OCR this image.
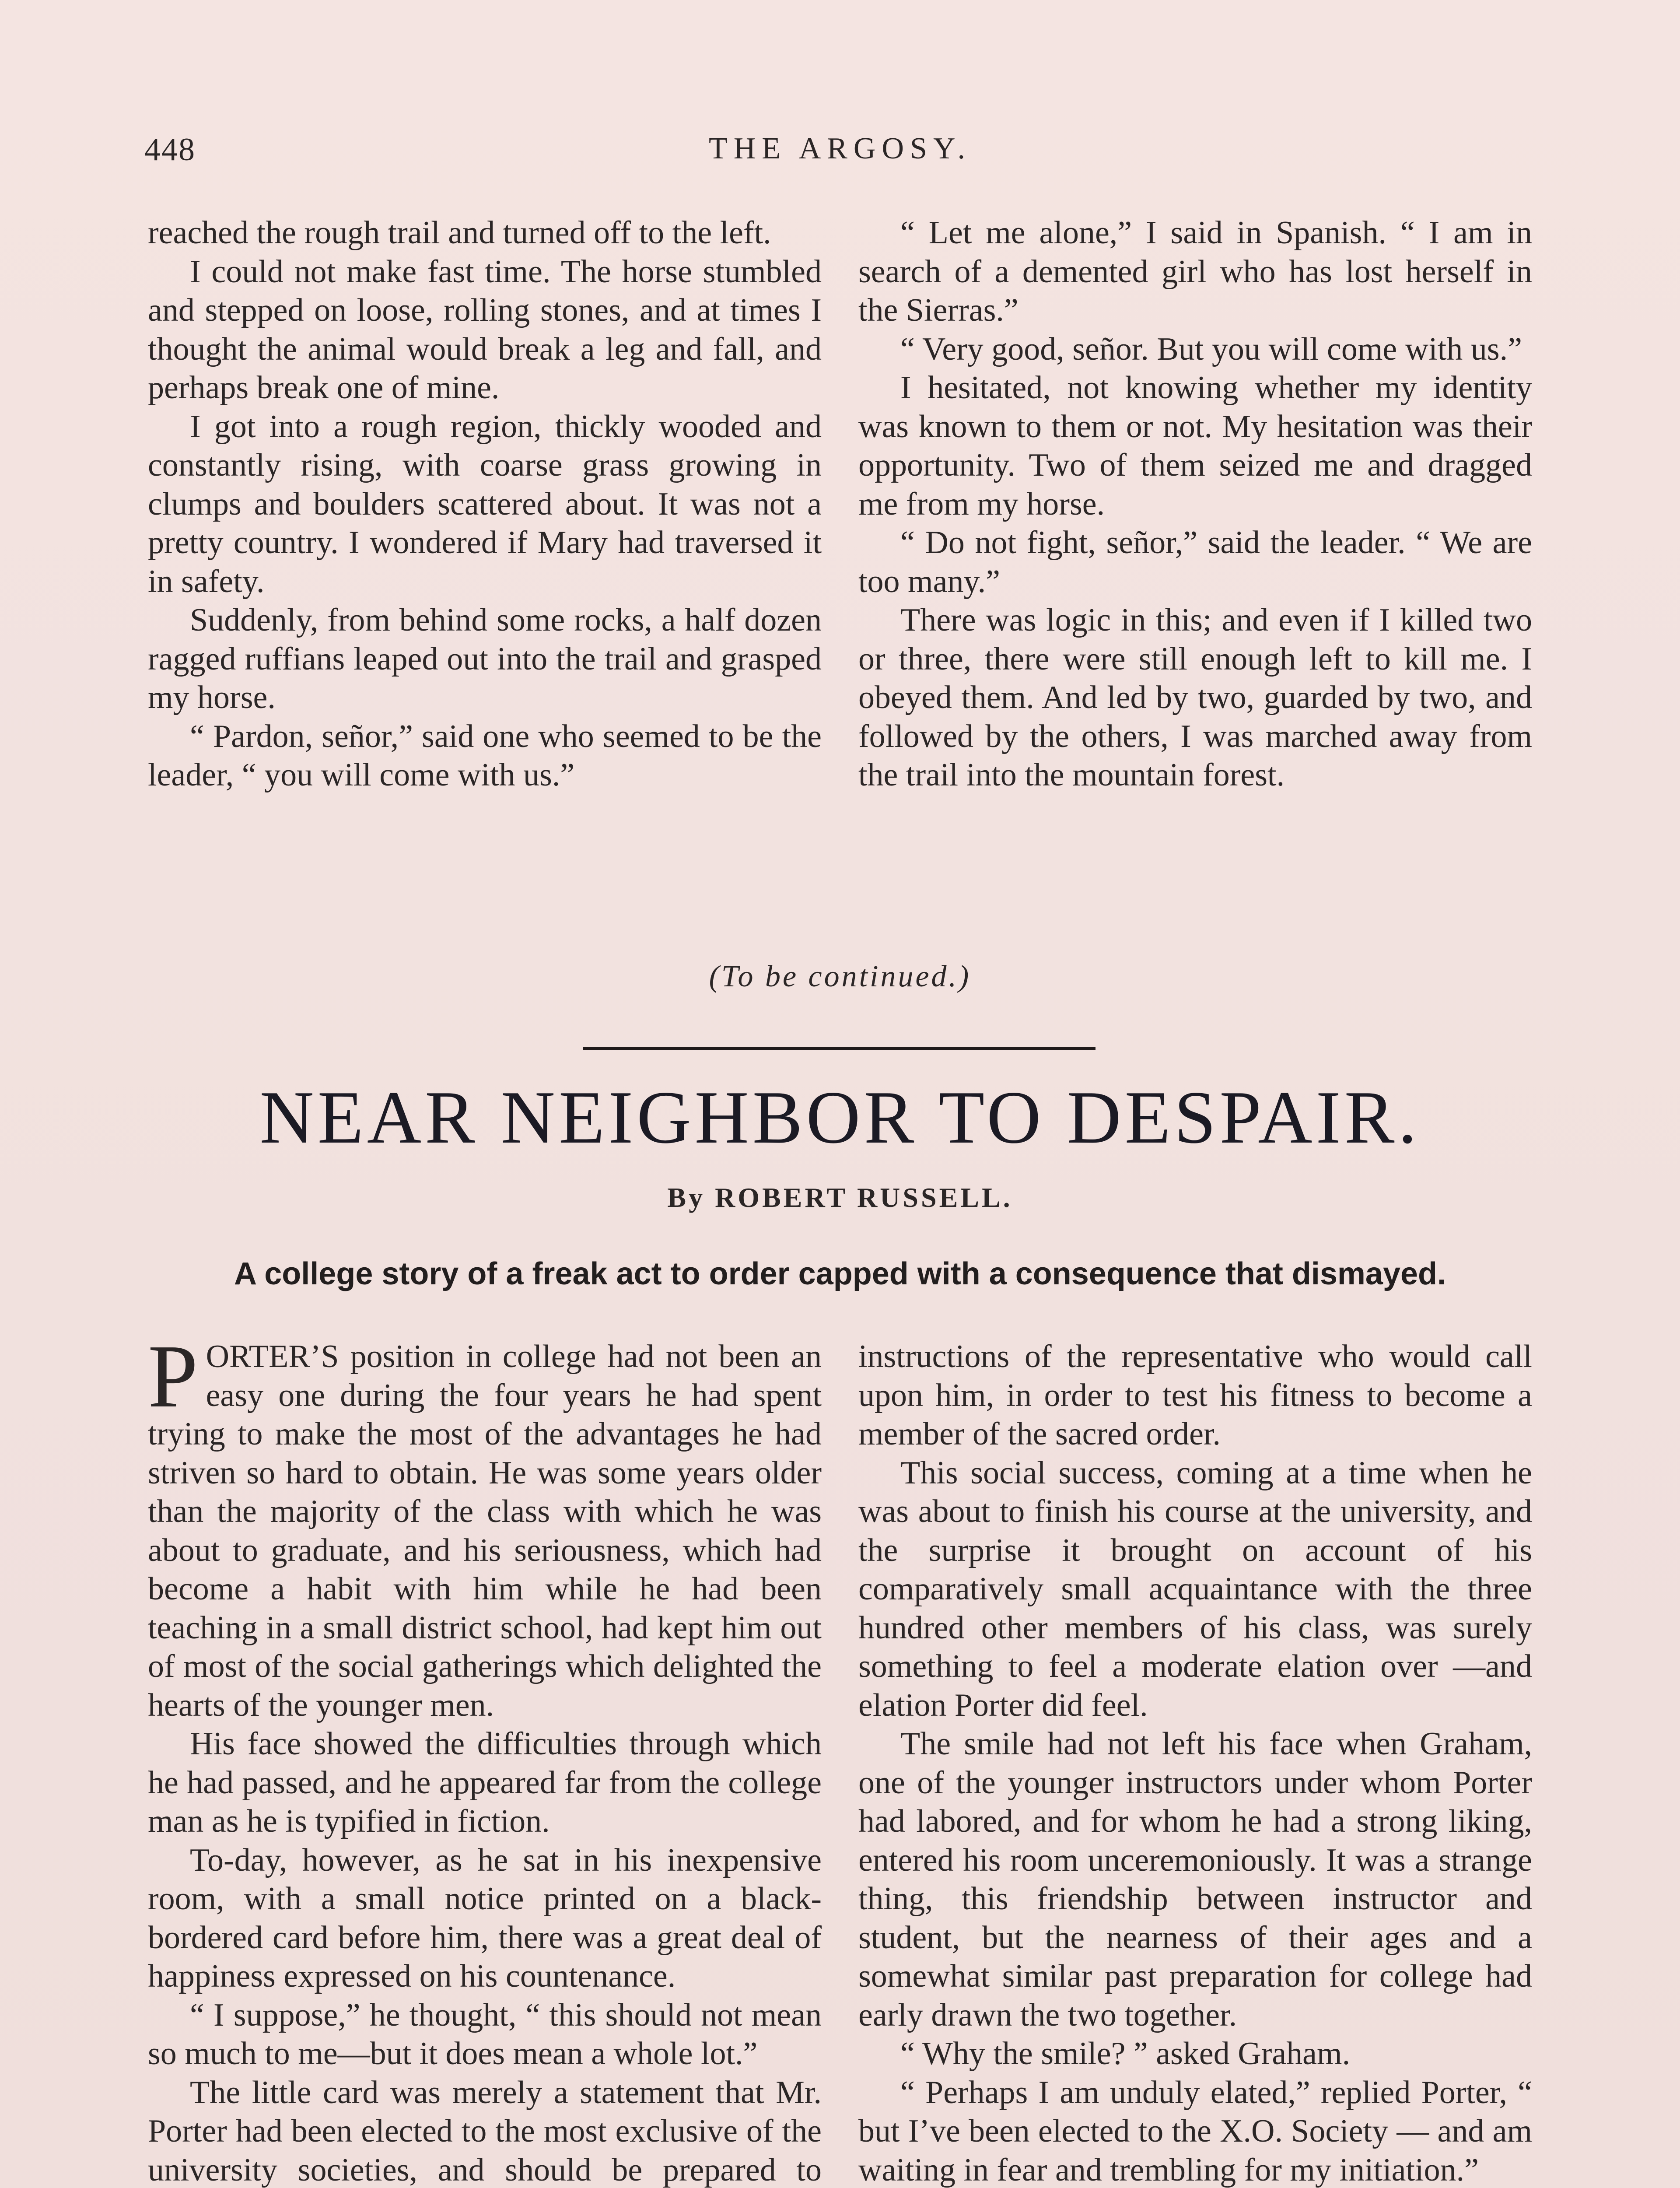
448	THE ARGOSY.

reached the rough trail and turned off to the left.

I could not make fast time. The horse stumbled and stepped on loose, rolling stones, and at times I thought the animal would break a leg and fall, and perhaps break one of mine.

I got into a rough region, thickly wooded and constantly rising, with coarse grass growing in clumps and boulders scattered about. It was not a pretty country. I wondered if Mary had traversed it in safety.

Suddenly, from behind some rocks, a half dozen ragged ruffians leaped out into the trail and grasped my horse.

“ Pardon, señor,” said one who seemed to be the leader, “ you will come with us.”

“ Let me alone,” I said in Spanish. “ I am in search of a demented girl who has lost herself in the Sierras.”

“ Very good, señor. But you will come with us.”

I hesitated, not knowing whether my identity was known to them or not. My hesitation was their opportunity. Two of them seized me and dragged me from my horse.

“ Do not fight, señor,” said the leader. “ We are too many.”

There was logic in this; and even if I killed two or three, there were still enough left to kill me. I obeyed them. And led by two, guarded by two, and followed by the others, I was marched away from the trail into the mountain forest.

(To be continued.)
NEAR NEIGHBOR TO DESPAIR.
By ROBERT RUSSELL.
A college story of a freak act to order capped with a consequence that dismayed.

PORTER’S position in college had not been an easy one during the four years he had spent trying to make the most of the advantages he had striven so hard to obtain. He was some years older than the majority of the class with which he was about to graduate, and his seriousness, which had become a habit with him while he had been teaching in a small district school, had kept him out of most of the social gatherings which delighted the hearts of the younger men.

His face showed the difficulties through which he had passed, and he appeared far from the college man as he is typified in fiction.

To-day, however, as he sat in his inexpensive room, with a small notice printed on a black-bordered card before him, there was a great deal of happiness expressed on his countenance.

“ I suppose,” he thought, “ this should not mean so much to me—but it does mean a whole lot.”

The little card was merely a statement that Mr. Porter had been elected to the most exclusive of the university societies, and should be prepared to

instructions of the representative who would call upon him, in order to test his fitness to become a member of the sacred order.

This social success, coming at a time when he was about to finish his course at the university, and the surprise it brought on account of his comparatively small acquaintance with the three hundred other members of his class, was surely something to feel a moderate elation over —and elation Porter did feel.

The smile had not left his face when Graham, one of the younger instructors under whom Porter had labored, and for whom he had a strong liking, entered his room unceremoniously. It was a strange thing, this friendship between instructor and student, but the nearness of their ages and a somewhat similar past preparation for college had early drawn the two together.

“ Why the smile? ” asked Graham.

“ Perhaps I am unduly elated,” replied Porter, “ but I’ve been elected to the X.O. Society — and am waiting in fear and trembling for my initiation.”
